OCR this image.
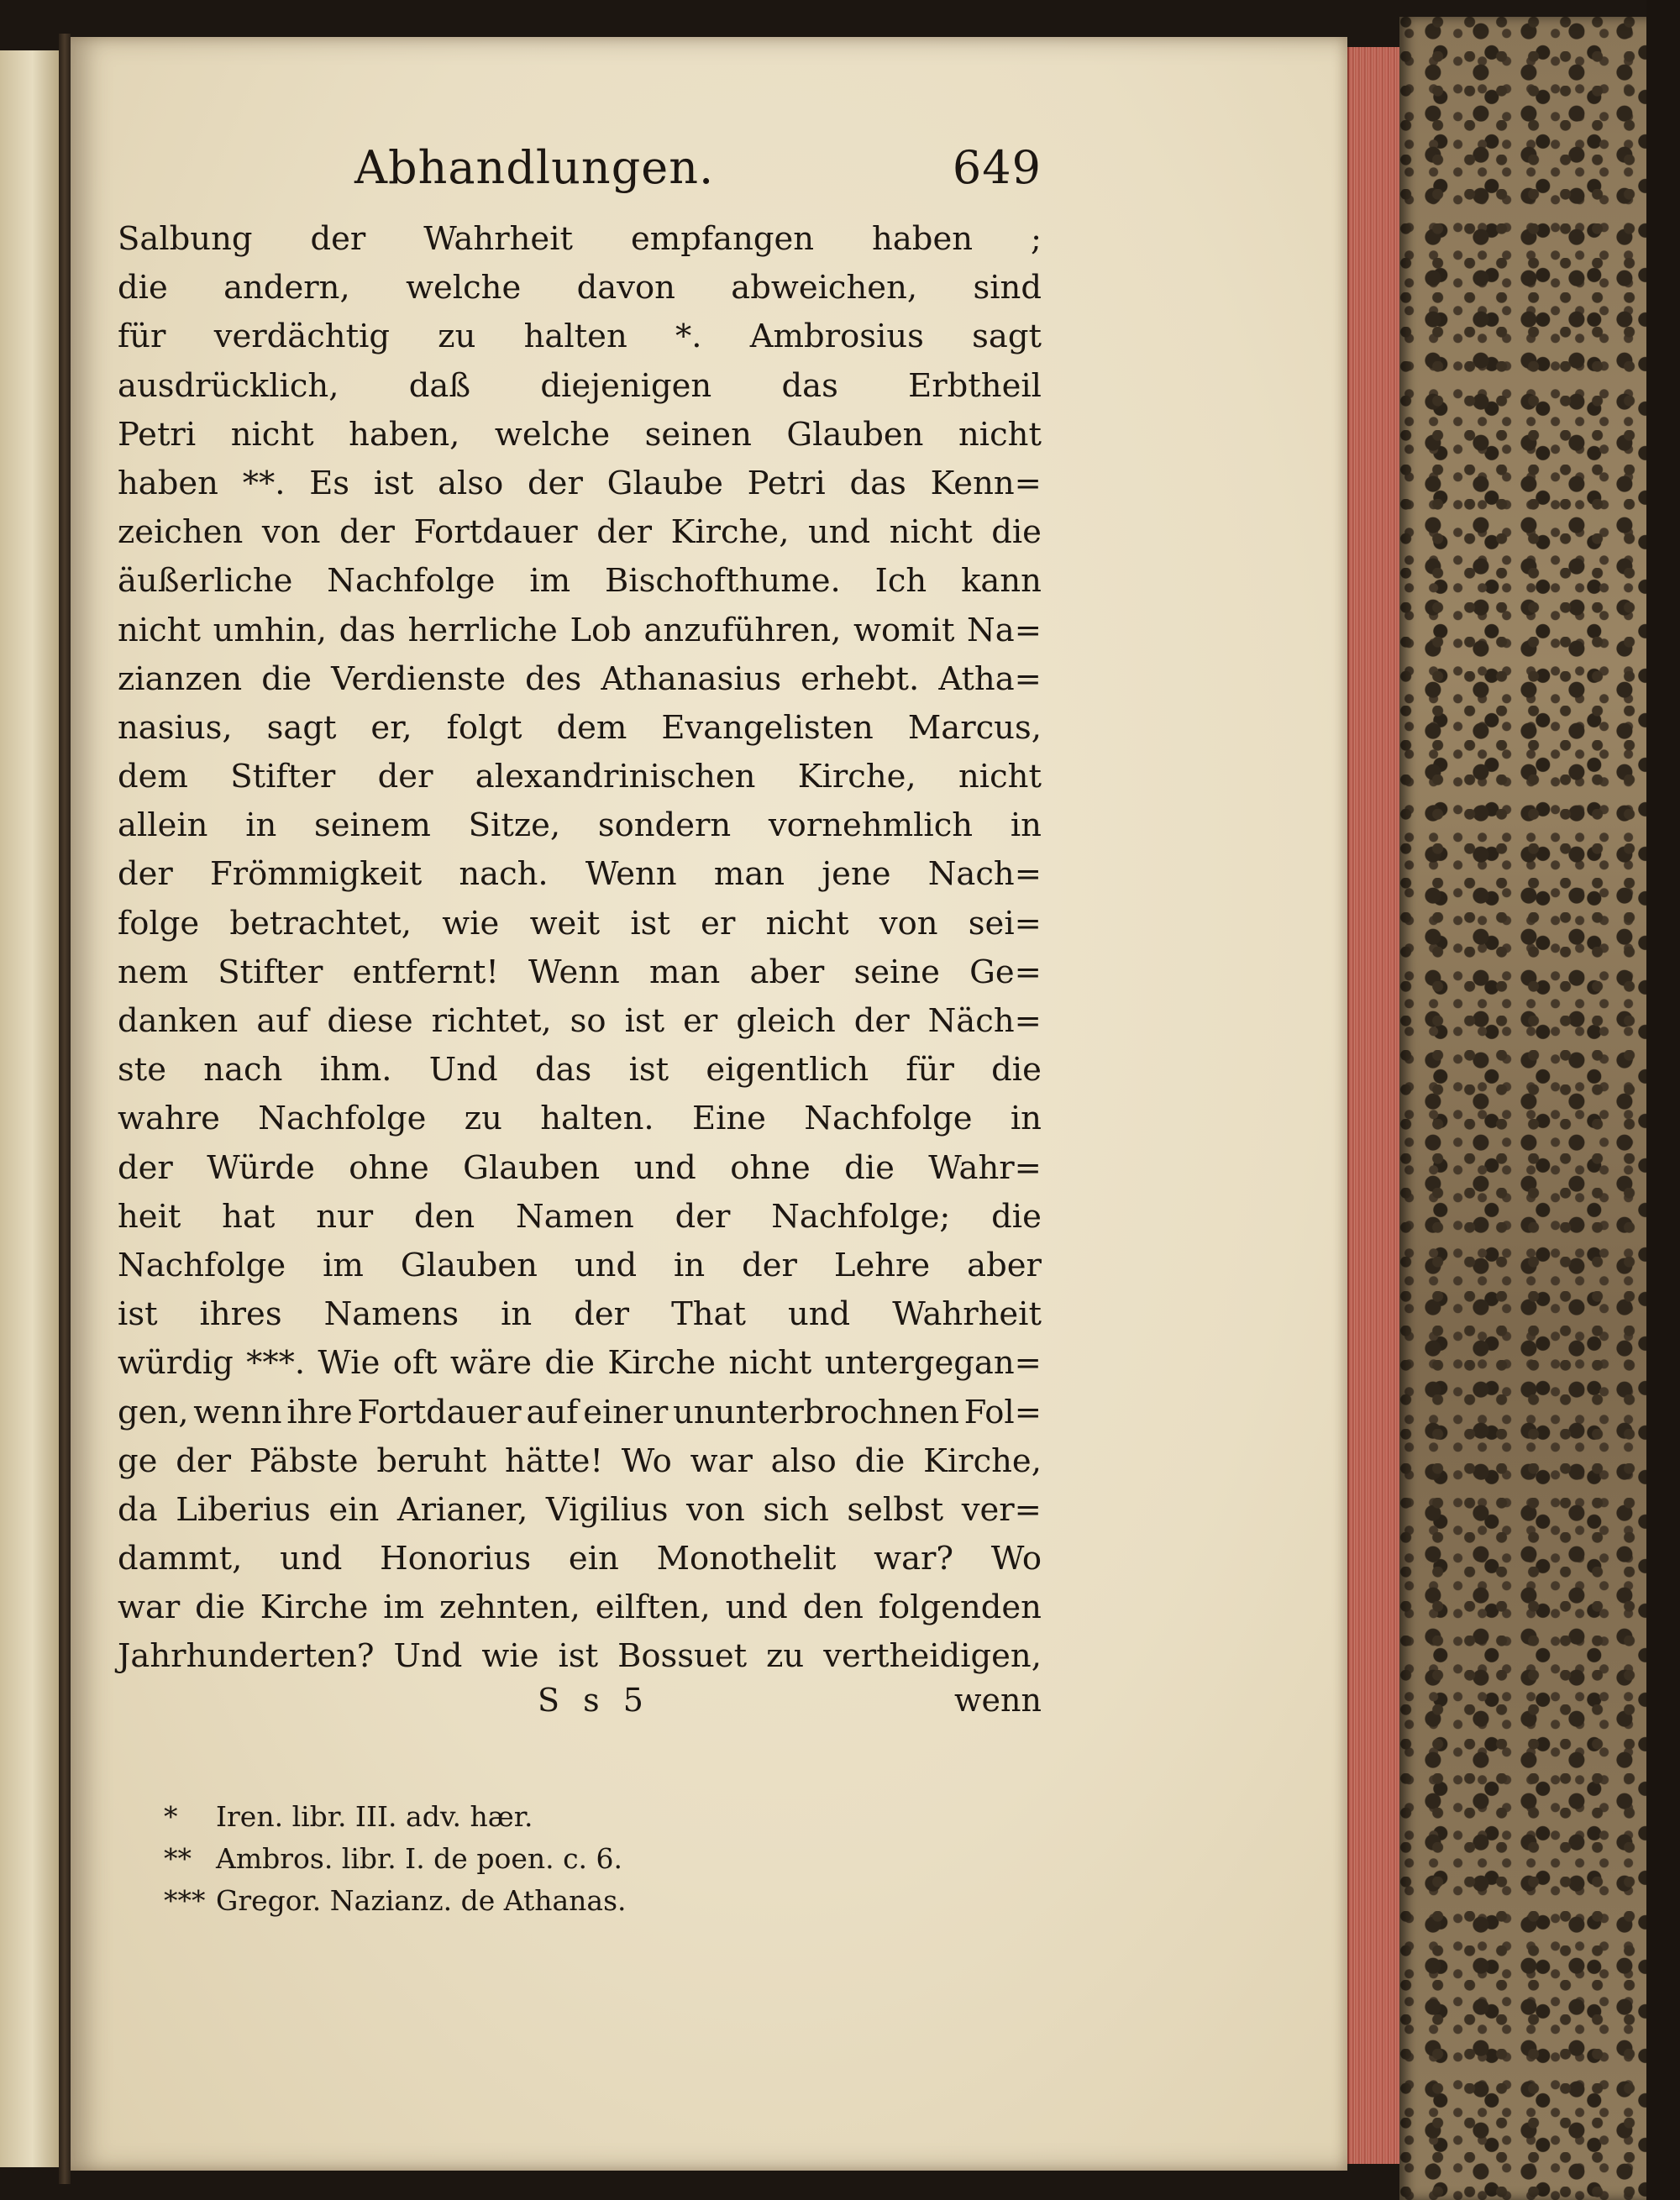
Abhandlungen.	649
Salbung der Wahrheit empfangen haben ;
die andern, welche davon abweichen, sind
für verdächtig zu halten *. Ambrosius sagt
ausdrücklich, daß diejenigen das Erbtheil
Petri nicht haben, welche seinen Glauben nicht
haben **. Es ist also der Glaube Petri das Kenn=
zeichen von der Fortdauer der Kirche, und nicht die
äußerliche Nachfolge im Bischofthume. Ich kann
nicht umhin, das herrliche Lob anzuführen, womit Na=
zianzen die Verdienste des Athanasius erhebt. Atha=
nasius, sagt er, folgt dem Evangelisten Marcus,
dem Stifter der alexandrinischen Kirche, nicht
allein in seinem Sitze, sondern vornehmlich in
der Frömmigkeit nach. Wenn man jene Nach=
folge betrachtet, wie weit ist er nicht von sei=
nem Stifter entfernt! Wenn man aber seine Ge=
danken auf diese richtet, so ist er gleich der Näch=
ste nach ihm. Und das ist eigentlich für die
wahre Nachfolge zu halten. Eine Nachfolge in
der Würde ohne Glauben und ohne die Wahr=
heit hat nur den Namen der Nachfolge; die
Nachfolge im Glauben und in der Lehre aber
ist ihres Namens in der That und Wahrheit
würdig ***. Wie oft wäre die Kirche nicht untergegan=
gen, wenn ihre Fortdauer auf einer ununterbrochnen Fol=
ge der Päbste beruht hätte! Wo war also die Kirche,
da Liberius ein Arianer, Vigilius von sich selbst ver=
dammt, und Honorius ein Monothelit war? Wo
war die Kirche im zehnten, eilften, und den folgenden
Jahrhunderten? Und wie ist Bossuet zu vertheidigen,
S s 5	wenn
* Iren. libr. III. adv. hær.
** Ambros. libr. I. de poen. c. 6.
*** Gregor. Nazianz. de Athanas.
